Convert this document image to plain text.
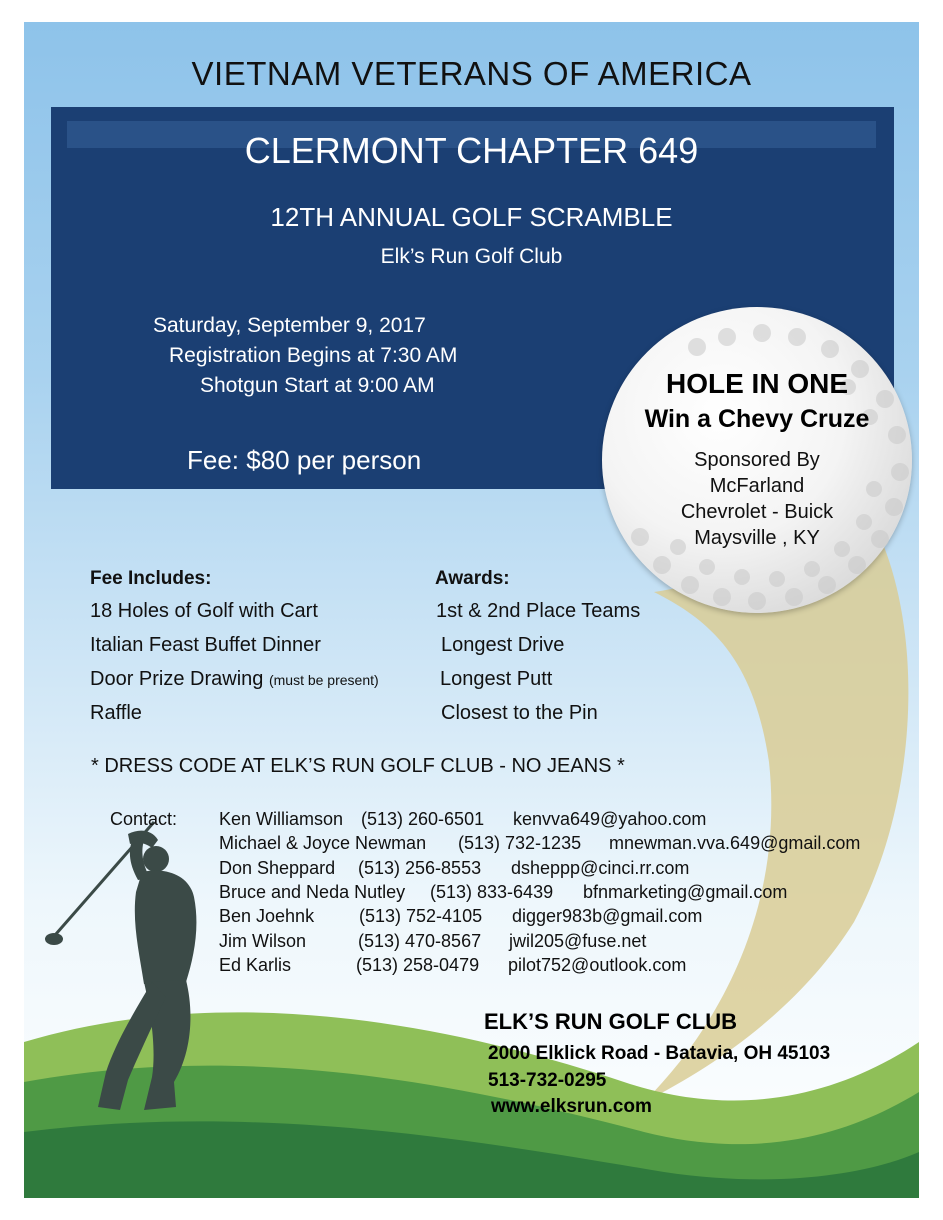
VIETNAM VETERANS OF AMERICA

CLERMONT CHAPTER 649

12TH ANNUAL GOLF SCRAMBLE

Elk’s Run Golf Club

Saturday, September 9, 2017

Registration Begins at 7:30 AM

Shotgun Start at 9:00 AM

Fee: $80 per person

HOLE IN ONE

Win a Chevy Cruze

Sponsored By

McFarland

Chevrolet - Buick

Maysville , KY

Fee Includes:

18 Holes of Golf with Cart

Italian Feast Buffet Dinner

Door Prize Drawing (must be present)

Raffle

Awards:

1st & 2nd Place Teams

Longest Drive

Longest Putt

Closest to the Pin

* DRESS CODE AT ELK’S RUN GOLF CLUB - NO JEANS *

Contact: Ken Williamson (513) 260-6501 kenvva649@yahoo.com

Michael & Joyce Newman (513) 732-1235 mnewman.vva.649@gmail.com

Don Sheppard (513) 256-8553 dsheppp@cinci.rr.com

Bruce and Neda Nutley (513) 833-6439 bfnmarketing@gmail.com

Ben Joehnk (513) 752-4105 digger983b@gmail.com

Jim Wilson	(513) 470-8567 jwil205@fuse.net

Ed Karlis	(513) 258-0479 pilot752@outlook.com

ELK’S RUN GOLF CLUB

2000 Elklick Road - Batavia, OH 45103

513-732-0295

www.elksrun.com
